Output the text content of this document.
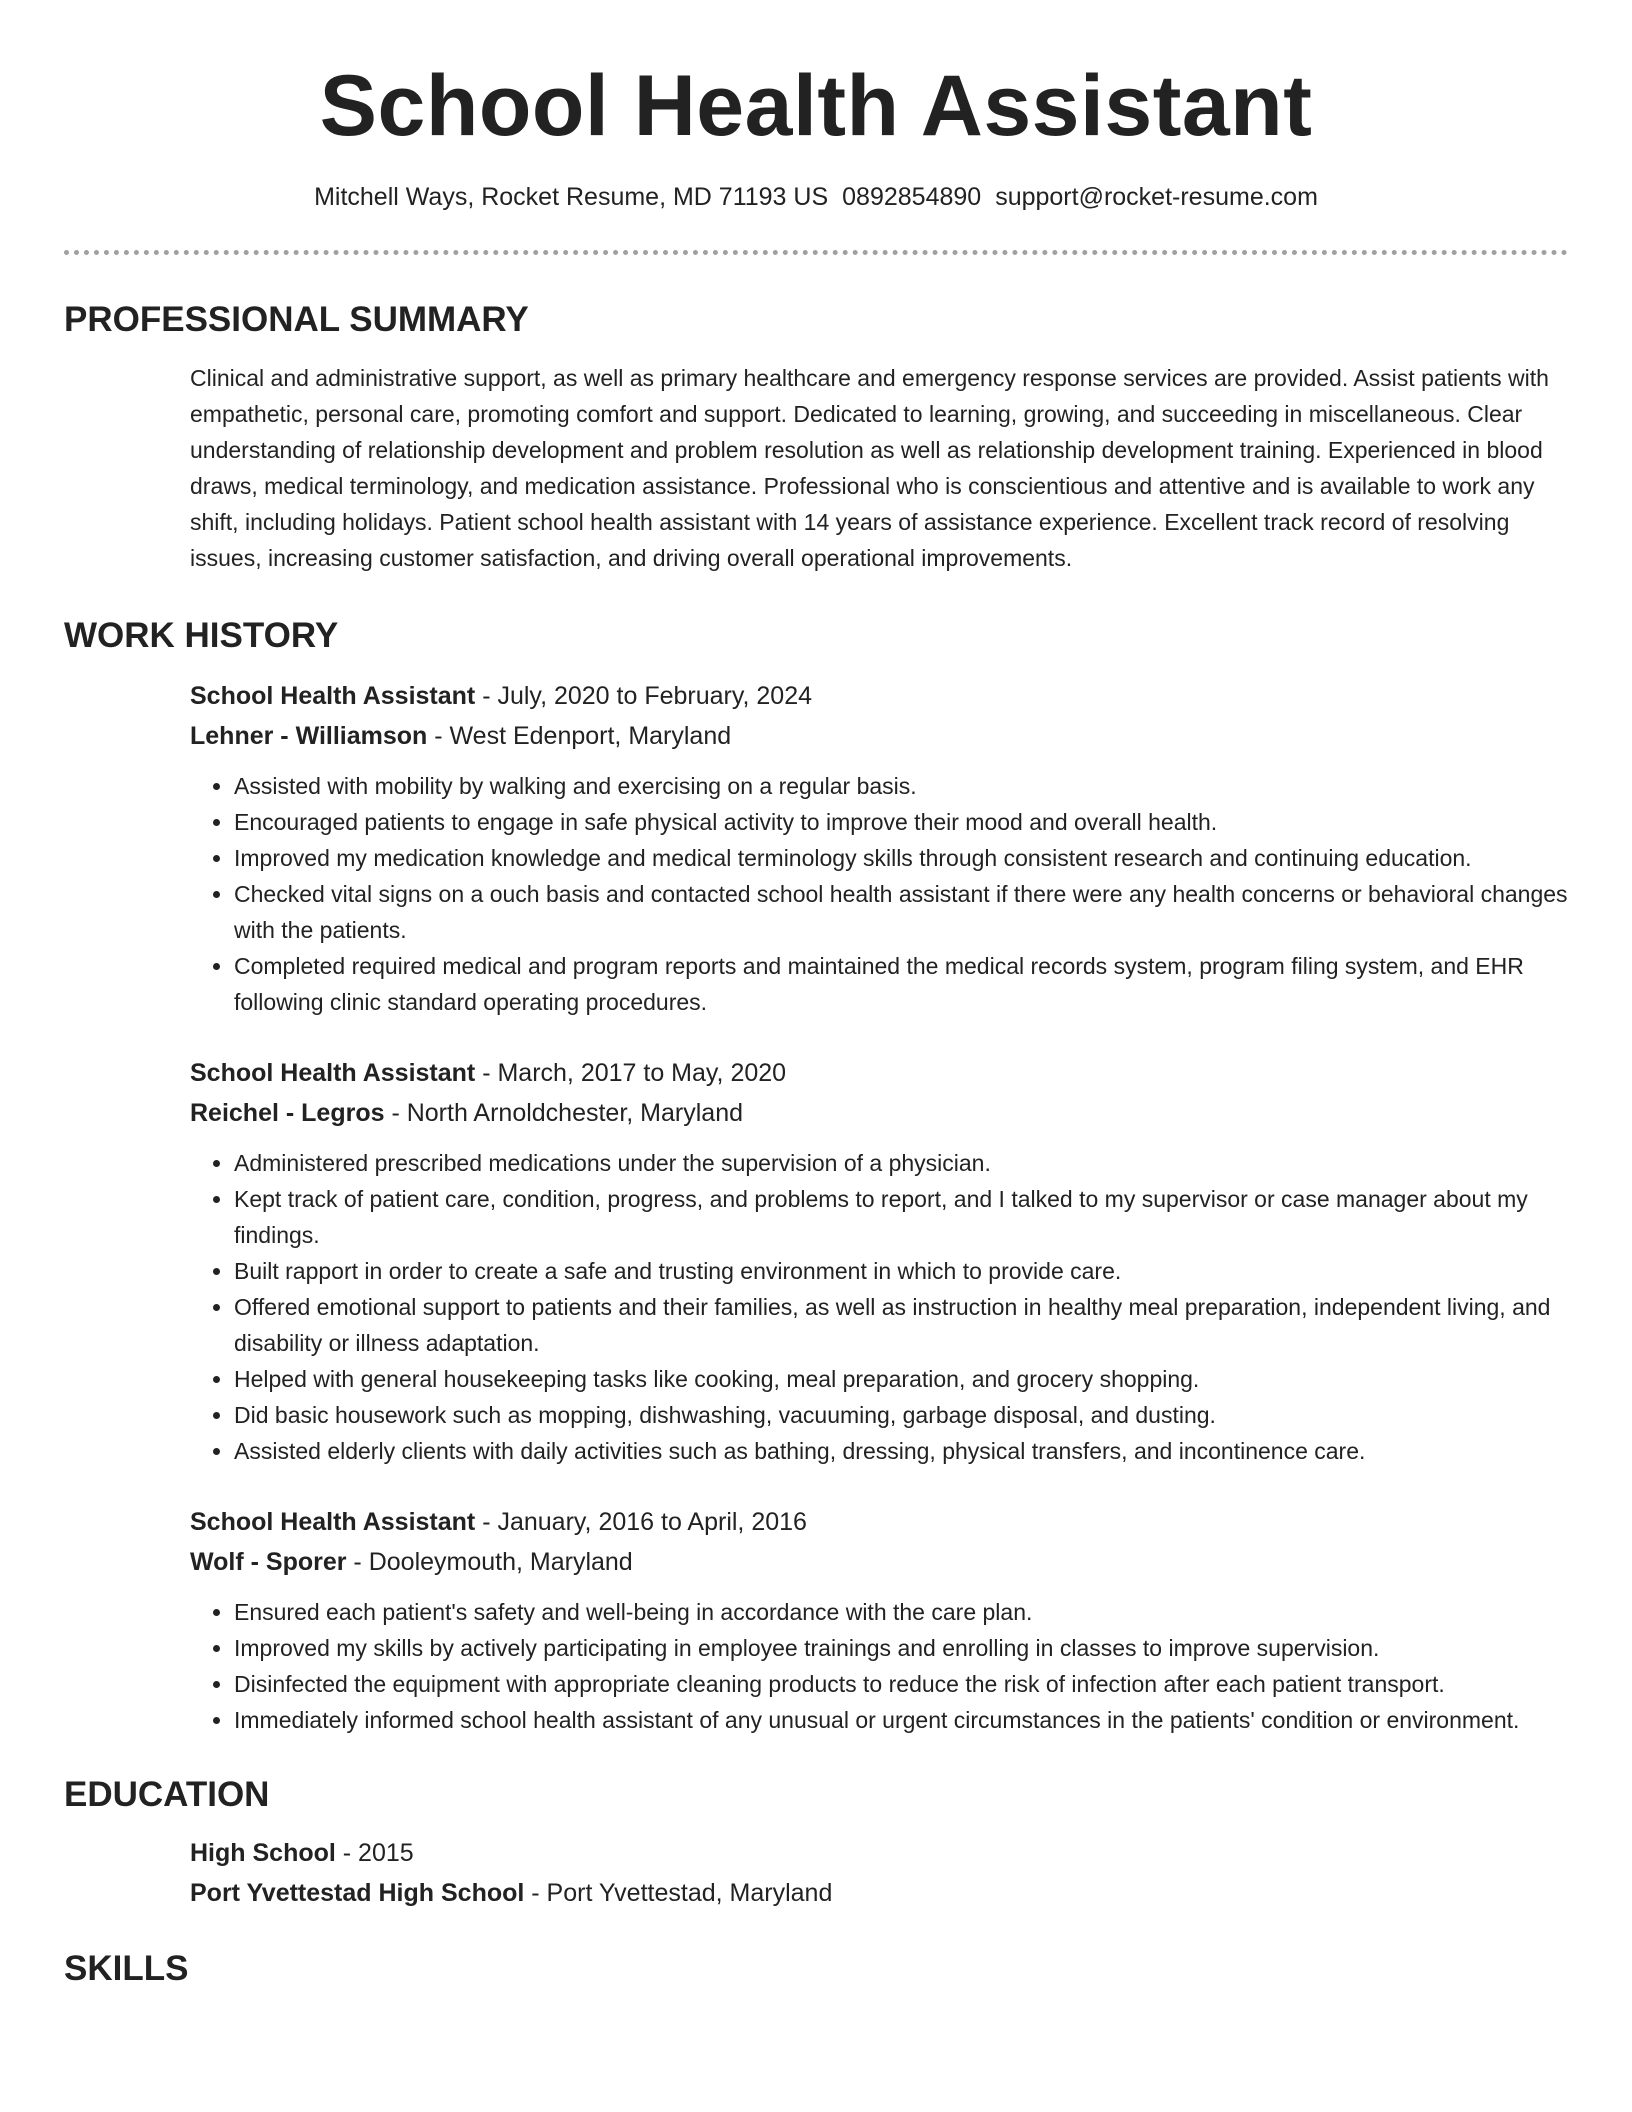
School Health Assistant
Mitchell Ways, Rocket Resume, MD 71193 US 0892854890 support@rocket-resume.com
PROFESSIONAL SUMMARY

Clinical and administrative support, as well as primary healthcare and emergency response services are provided. Assist patients with empathetic, personal care, promoting comfort and support. Dedicated to learning, growing, and succeeding in miscellaneous. Clear understanding of relationship development and problem resolution as well as relationship development training. Experienced in blood draws, medical terminology, and medication assistance. Professional who is conscientious and attentive and is available to work any shift, including holidays. Patient school health assistant with 14 years of assistance experience. Excellent track record of resolving issues, increasing customer satisfaction, and driving overall operational improvements.

WORK HISTORY

School Health Assistant - July, 2020 to February, 2024

Lehner - Williamson - West Edenport, Maryland

• Assisted with mobility by walking and exercising on a regular basis.
• Encouraged patients to engage in safe physical activity to improve their mood and overall health.
• Improved my medication knowledge and medical terminology skills through consistent research and continuing education.
• Checked vital signs on a ouch basis and contacted school health assistant if there were any health concerns or behavioral changes with the patients.
• Completed required medical and program reports and maintained the medical records system, program filing system, and EHR following clinic standard operating procedures.

School Health Assistant - March, 2017 to May, 2020

Reichel - Legros - North Arnoldchester, Maryland

• Administered prescribed medications under the supervision of a physician.
• Kept track of patient care, condition, progress, and problems to report, and I talked to my supervisor or case manager about my findings.
• Built rapport in order to create a safe and trusting environment in which to provide care.
• Offered emotional support to patients and their families, as well as instruction in healthy meal preparation, independent living, and disability or illness adaptation.
• Helped with general housekeeping tasks like cooking, meal preparation, and grocery shopping.
• Did basic housework such as mopping, dishwashing, vacuuming, garbage disposal, and dusting.
• Assisted elderly clients with daily activities such as bathing, dressing, physical transfers, and incontinence care.

School Health Assistant - January, 2016 to April, 2016

Wolf - Sporer - Dooleymouth, Maryland

• Ensured each patient's safety and well-being in accordance with the care plan.
• Improved my skills by actively participating in employee trainings and enrolling in classes to improve supervision.
• Disinfected the equipment with appropriate cleaning products to reduce the risk of infection after each patient transport.
• Immediately informed school health assistant of any unusual or urgent circumstances in the patients' condition or environment.
EDUCATION

High School - 2015

Port Yvettestad High School - Port Yvettestad, Maryland

SKILLS
